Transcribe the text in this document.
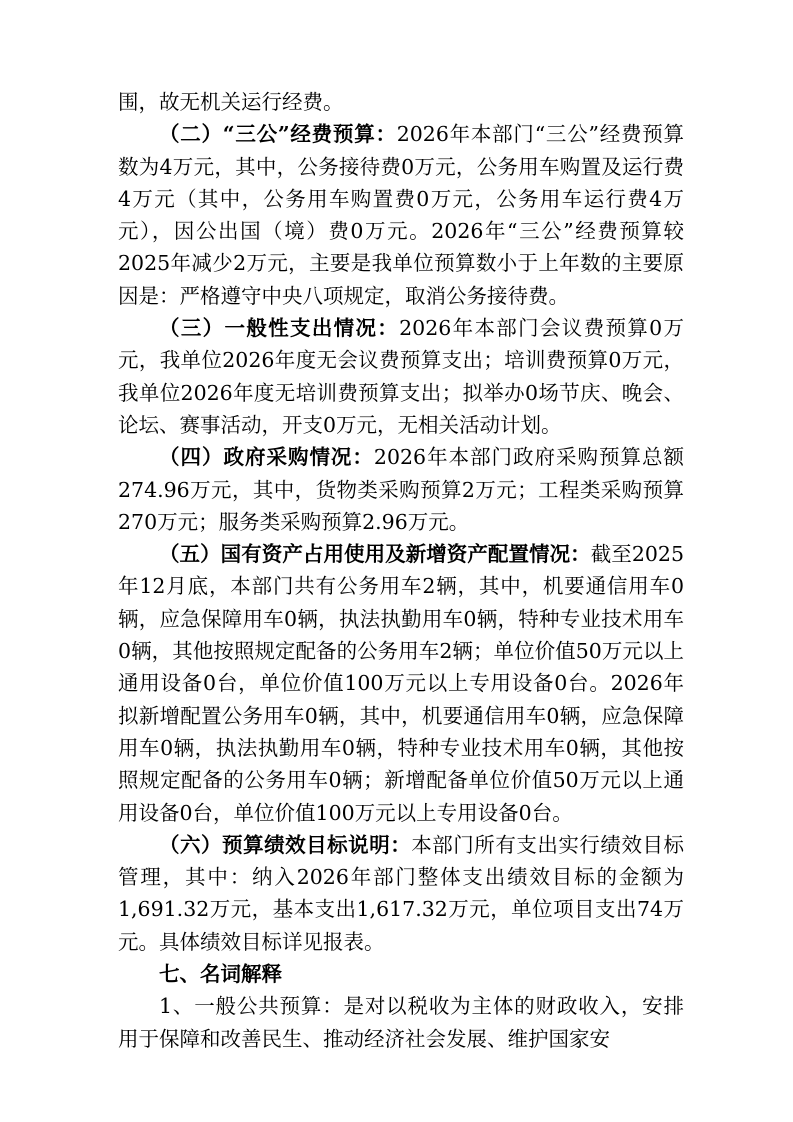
围，故无机关运行经费。

（二）“三公”经费预算：2026年本部门“三公”经费预算数为4万元，其中，公务接待费0万元，公务用车购置及运行费4万元（其中，公务用车购置费0万元，公务用车运行费4万元），因公出国（境）费0万元。2026年“三公”经费预算较2025年减少2万元，主要是我单位预算数小于上年数的主要原因是：严格遵守中央八项规定，取消公务接待费。

（三）一般性支出情况：2026年本部门会议费预算0万元，我单位2026年度无会议费预算支出；培训费预算0万元，我单位2026年度无培训费预算支出；拟举办0场节庆、晚会、论坛、赛事活动，开支0万元，无相关活动计划。

（四）政府采购情况：2026年本部门政府采购预算总额274.96万元，其中，货物类采购预算2万元；工程类采购预算270万元；服务类采购预算2.96万元。

（五）国有资产占用使用及新增资产配置情况：截至2025年12月底，本部门共有公务用车2辆，其中，机要通信用车0辆，应急保障用车0辆，执法执勤用车0辆，特种专业技术用车0辆，其他按照规定配备的公务用车2辆；单位价值50万元以上通用设备0台，单位价值100万元以上专用设备0台。2026年拟新增配置公务用车0辆，其中，机要通信用车0辆，应急保障用车0辆，执法执勤用车0辆，特种专业技术用车0辆，其他按照规定配备的公务用车0辆；新增配备单位价值50万元以上通用设备0台，单位价值100万元以上专用设备0台。

（六）预算绩效目标说明：本部门所有支出实行绩效目标管理，其中：纳入2026年部门整体支出绩效目标的金额为1,691.32万元，基本支出1,617.32万元，单位项目支出74万元。具体绩效目标详见报表。

七、名词解释

1、一般公共预算：是对以税收为主体的财政收入，安排用于保障和改善民生、推动经济社会发展、维护国家安
